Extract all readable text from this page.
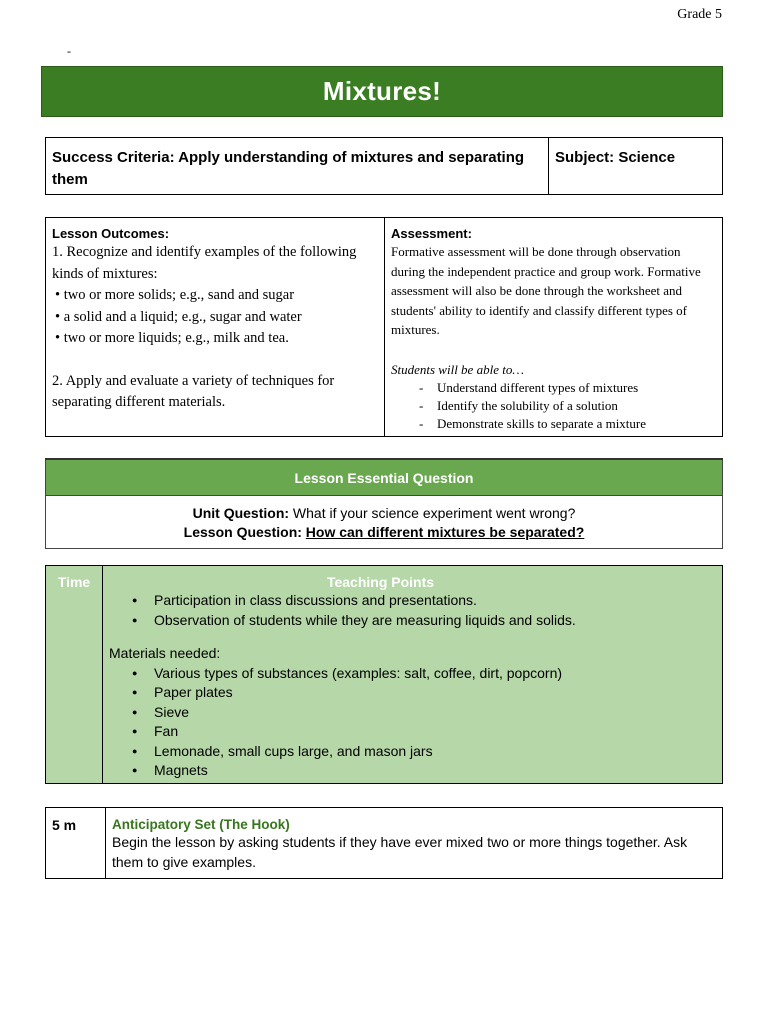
Grade 5
-
Mixtures!
Success Criteria: Apply understanding of mixtures and separating them	Subject: Science
Lesson Outcomes:
1. Recognize and identify examples of the following kinds of mixtures:
• two or more solids; e.g., sand and sugar
• a solid and a liquid; e.g., sugar and water
• two or more liquids; e.g., milk and tea.
2. Apply and evaluate a variety of techniques for separating different materials.

Assessment:
Formative assessment will be done through observation during the independent practice and group work. Formative assessment will also be done through the worksheet and students' ability to identify and classify different types of mixtures.
Students will be able to…
- Understand different types of mixtures
- Identify the solubility of a solution
- Demonstrate skills to separate a mixture
Lesson Essential Question

Unit Question: What if your science experiment went wrong?
Lesson Question: How can different mixtures be separated?
Time	Teaching Points
● Participation in class discussions and presentations.
● Observation of students while they are measuring liquids and solids.
Materials needed:
● Various types of substances (examples: salt, coffee, dirt, popcorn)
● Paper plates
● Sieve
● Fan
● Lemonade, small cups large, and mason jars
● Magnets
5 m	Anticipatory Set (The Hook)
Begin the lesson by asking students if they have ever mixed two or more things together. Ask them to give examples.
